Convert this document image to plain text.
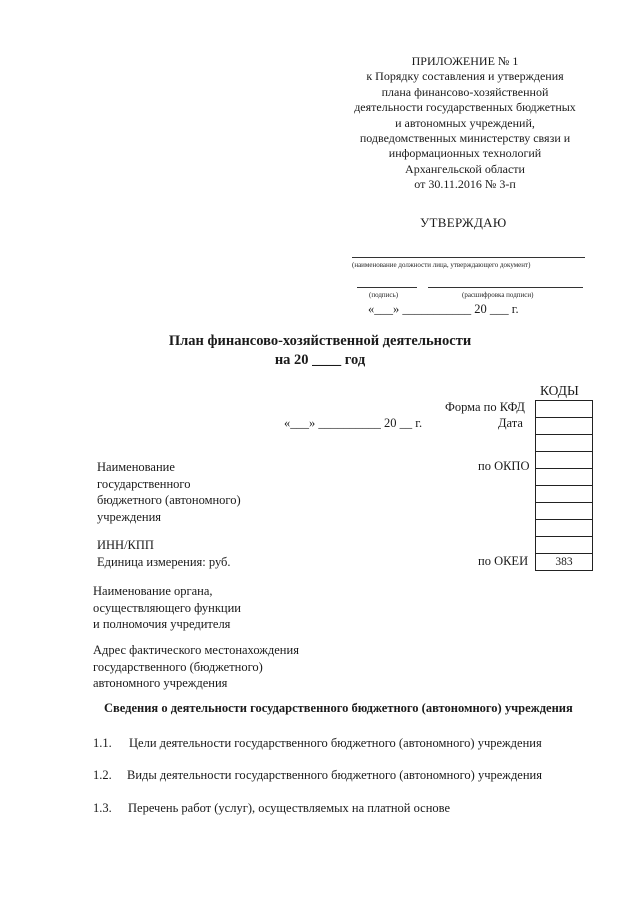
ПРИЛОЖЕНИЕ № 1
к Порядку составления и утверждения
плана финансово-хозяйственной
деятельности государственных бюджетных
и автономных учреждений,
подведомственных министерству связи и
информационных технологий
Архангельской области
от 30.11.2016 № 3-п
УТВЕРЖДАЮ
(наименование должности лица, утверждающего документ)
(подпись)	(расшифровка подписи)
«___» ___________ 20 ___ г.
План финансово-хозяйственной деятельности
на 20 ____ год
КОДЫ
Форма по КФД
«___» __________ 20 __ г.	Дата
по ОКПО
по ОКЕИ	383
Наименование
государственного
бюджетного (автономного)
учреждения
ИНН/КПП
Единица измерения: руб.
Наименование органа,
осуществляющего функции
и полномочия учредителя
Адрес фактического местонахождения
государственного (бюджетного)
автономного учреждения
Сведения о деятельности государственного бюджетного (автономного) учреждения
1.1. Цели деятельности государственного бюджетного (автономного) учреждения
1.2. Виды деятельности государственного бюджетного (автономного) учреждения
1.3. Перечень работ (услуг), осуществляемых на платной основе
